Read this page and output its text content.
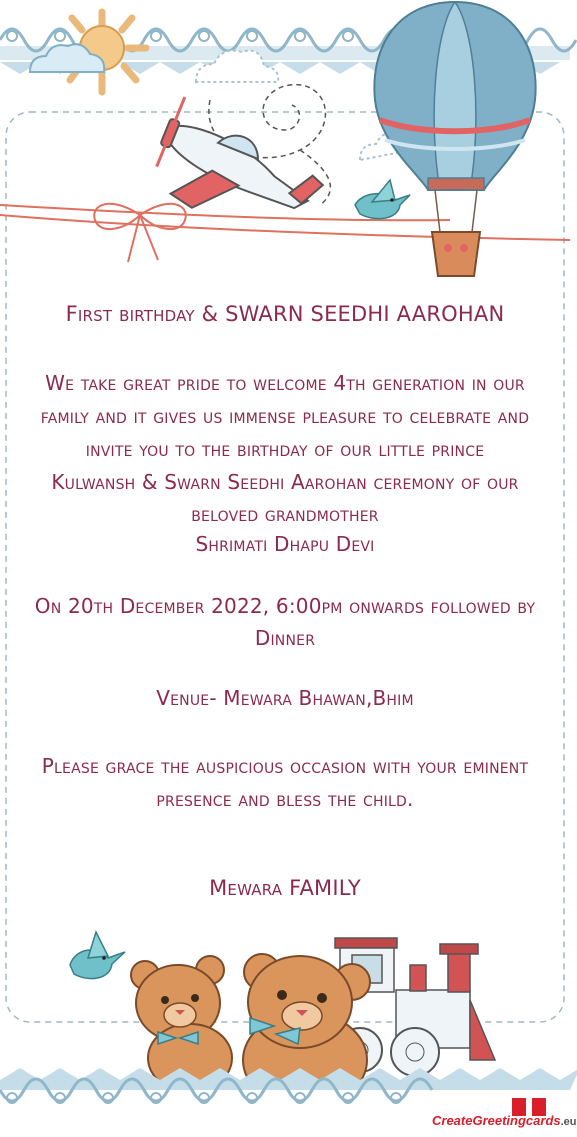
First birthday & SWARN SEEDHI AAROHAN

We take great pride to welcome 4th generation in our

family and it gives us immense pleasure to celebrate and

invite you to the birthday of our little prince

Kulwansh & Swarn Seedhi Aarohan ceremony of our

beloved grandmother

Shrimati Dhapu Devi

On 20th December 2022, 6:00pm onwards followed by

Dinner

Venue- Mewara Bhawan,Bhim

Please grace the auspicious occasion with your eminent

presence and bless the child.

Mewara FAMILY
CreateGreetingcards.eu
